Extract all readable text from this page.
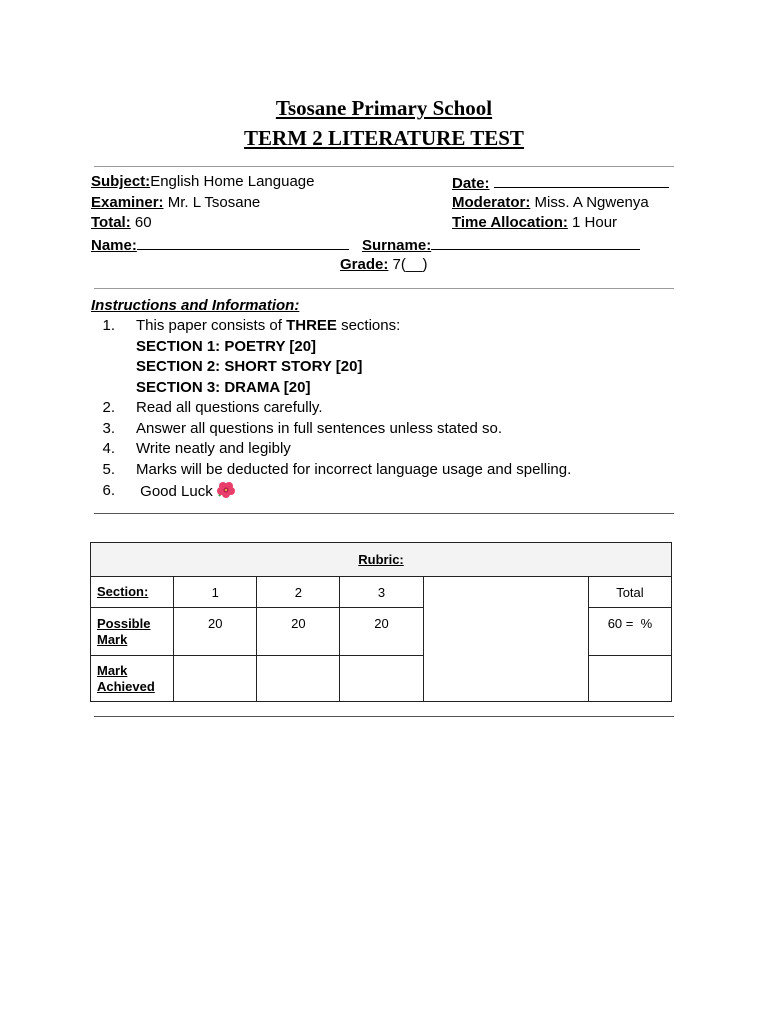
Tsosane Primary School
TERM 2 LITERATURE TEST
Subject:English Home Language	Date:
Examiner: Mr. L Tsosane	Moderator: Miss. A Ngwenya
Total: 60	Time Allocation: 1 Hour
Name:	Surname:
Grade: 7(__)
Instructions and Information:
1. This paper consists of THREE sections:
SECTION 1: POETRY [20]
SECTION 2: SHORT STORY [20]
SECTION 3: DRAMA [20]
2. Read all questions carefully.
3. Answer all questions in full sentences unless stated so.
4. Write neatly and legibly
5. Marks will be deducted for incorrect language usage and spelling.
6. Good Luck
Rubric:					
Section:	1	2	3		Total
Possible
Mark	20	20	20		60 =  %
Mark
Achieved					
